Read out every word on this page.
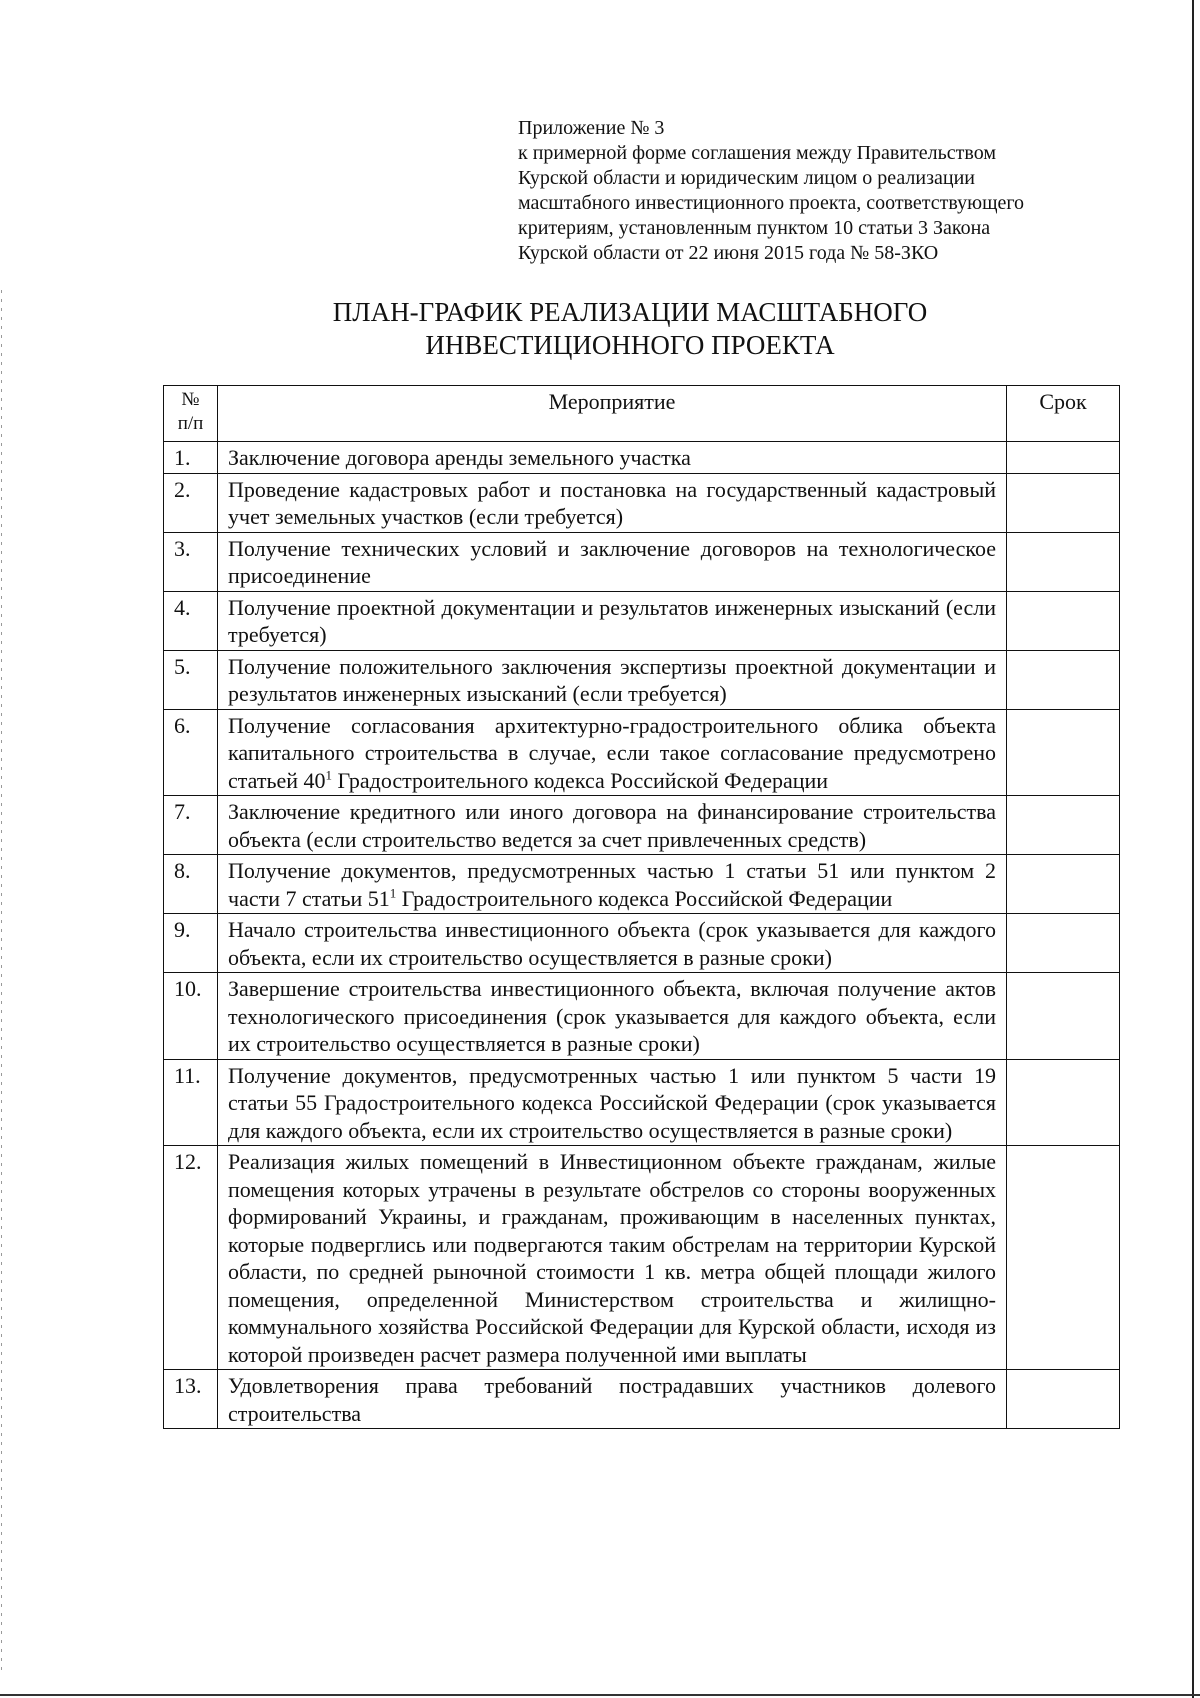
Приложение № 3
к примерной форме соглашения между Правительством
Курской области и юридическим лицом о реализации
масштабного инвестиционного проекта, соответствующего
критериям, установленным пунктом 10 статьи 3 Закона
Курской области от 22 июня 2015 года № 58-ЗКО
ПЛАН-ГРАФИК РЕАЛИЗАЦИИ МАСШТАБНОГО
ИНВЕСТИЦИОННОГО ПРОЕКТА
№
п/п	Мероприятие	Срок
1.	Заключение договора аренды земельного участка	
2.	Проведение кадастровых работ и постановка на государственный кадастровый учет земельных участков (если требуется)	
3.	Получение технических условий и заключение договоров на технологическое присоединение	
4.	Получение проектной документации и результатов инженерных изысканий (если требуется)	
5.	Получение положительного заключения экспертизы проектной документации и результатов инженерных изысканий (если требуется)	
6.	Получение согласования архитектурно-градостроительного облика объекта капитального строительства в случае, если такое согласование предусмотрено статьей $40^1$ Градостроительного кодекса Российской Федерации	
7.	Заключение кредитного или иного договора на финансирование строительства объекта (если строительство ведется за счет привлеченных средств)	
8.	Получение документов, предусмотренных частью 1 статьи 51 или пунктом 2 части 7 статьи $51^1$ Градостроительного кодекса Российской Федерации	
9.	Начало строительства инвестиционного объекта (срок указывается для каждого объекта, если их строительство осуществляется в разные сроки)	
10.	Завершение строительства инвестиционного объекта, включая получение актов технологического присоединения (срок указывается для каждого объекта, если их строительство осуществляется в разные сроки)	
11.	Получение документов, предусмотренных частью 1 или пунктом 5 части 19 статьи 55 Градостроительного кодекса Российской Федерации (срок указывается для каждого объекта, если их строительство осуществляется в разные сроки)	
12.	Реализация жилых помещений в Инвестиционном объекте гражданам, жилые помещения которых утрачены в результате обстрелов со стороны вооруженных формирований Украины, и гражданам, проживающим в населенных пунктах, которые подверглись или подвергаются таким обстрелам на территории Курской области, по средней рыночной стоимости 1 кв. метра общей площади жилого помещения, определенной Министерством строительства и жилищно-коммунального хозяйства Российской Федерации для Курской области, исходя из которой произведен расчет размера полученной ими выплаты	
13.	Удовлетворения права требований пострадавших участников долевого строительства	
